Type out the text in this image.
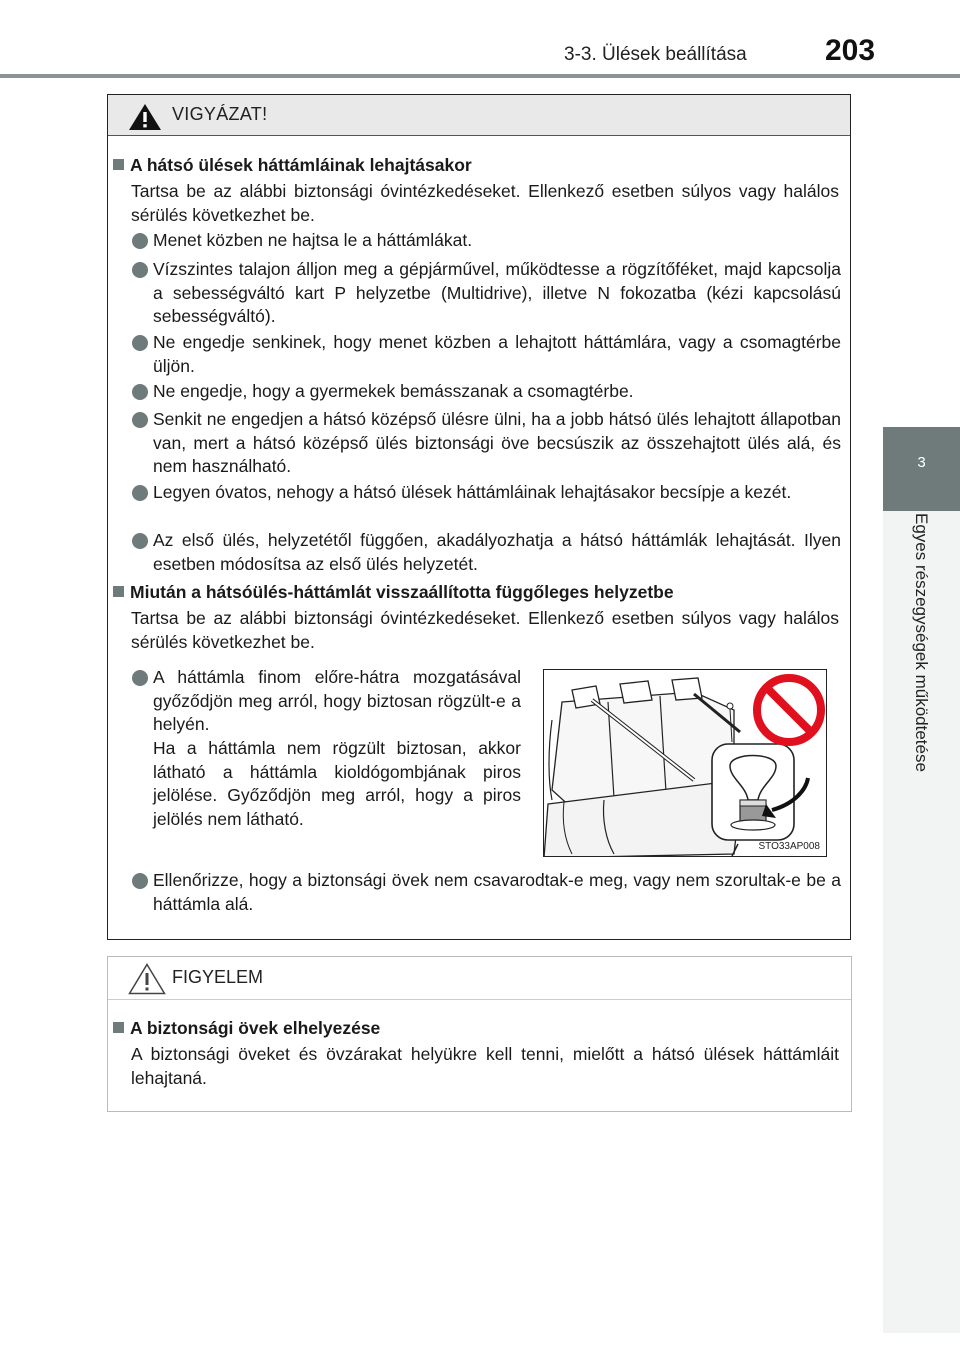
3-3. Ülések beállítása	203
3
Egyes részegységek működtetése
VIGYÁZAT!
A hátsó ülések háttámláinak lehajtásakor
Tartsa be az alábbi biztonsági óvintézkedéseket. Ellenkező esetben súlyos vagy halálos sérülés következhet be.
Menet közben ne hajtsa le a háttámlákat.
Vízszintes talajon álljon meg a gépjárművel, működtesse a rögzítőféket, majd kapcsolja a sebességváltó kart P helyzetbe (Multidrive), illetve N fokozatba (kézi kapcsolású sebességváltó).
Ne engedje senkinek, hogy menet közben a lehajtott háttámlára, vagy a csomagtérbe üljön.
Ne engedje, hogy a gyermekek bemásszanak a csomagtérbe.
Senkit ne engedjen a hátsó középső ülésre ülni, ha a jobb hátsó ülés lehajtott állapotban van, mert a hátsó középső ülés biztonsági öve becsúszik az összehajtott ülés alá, és nem használható.
Legyen óvatos, nehogy a hátsó ülések háttámláinak lehajtásakor becsípje a kezét.
Az első ülés, helyzetétől függően, akadályozhatja a hátsó háttámlák lehajtását. Ilyen esetben módosítsa az első ülés helyzetét.
Miután a hátsóülés-háttámlát visszaállította függőleges helyzetbe
Tartsa be az alábbi biztonsági óvintézkedéseket. Ellenkező esetben súlyos vagy halálos sérülés következhet be.
A háttámla finom előre-hátra mozgatásával győződjön meg arról, hogy biztosan rögzült-e a helyén.
Ha a háttámla nem rögzült biztosan, akkor látható a háttámla kioldógombjának piros jelölése. Győződjön meg arról, hogy a piros jelölés nem látható.
STO33AP008
Ellenőrizze, hogy a biztonsági övek nem csavarodtak-e meg, vagy nem szorultak-e be a háttámla alá.
FIGYELEM
A biztonsági övek elhelyezése
A biztonsági öveket és övzárakat helyükre kell tenni, mielőtt a hátsó ülések háttámláit lehajtaná.
